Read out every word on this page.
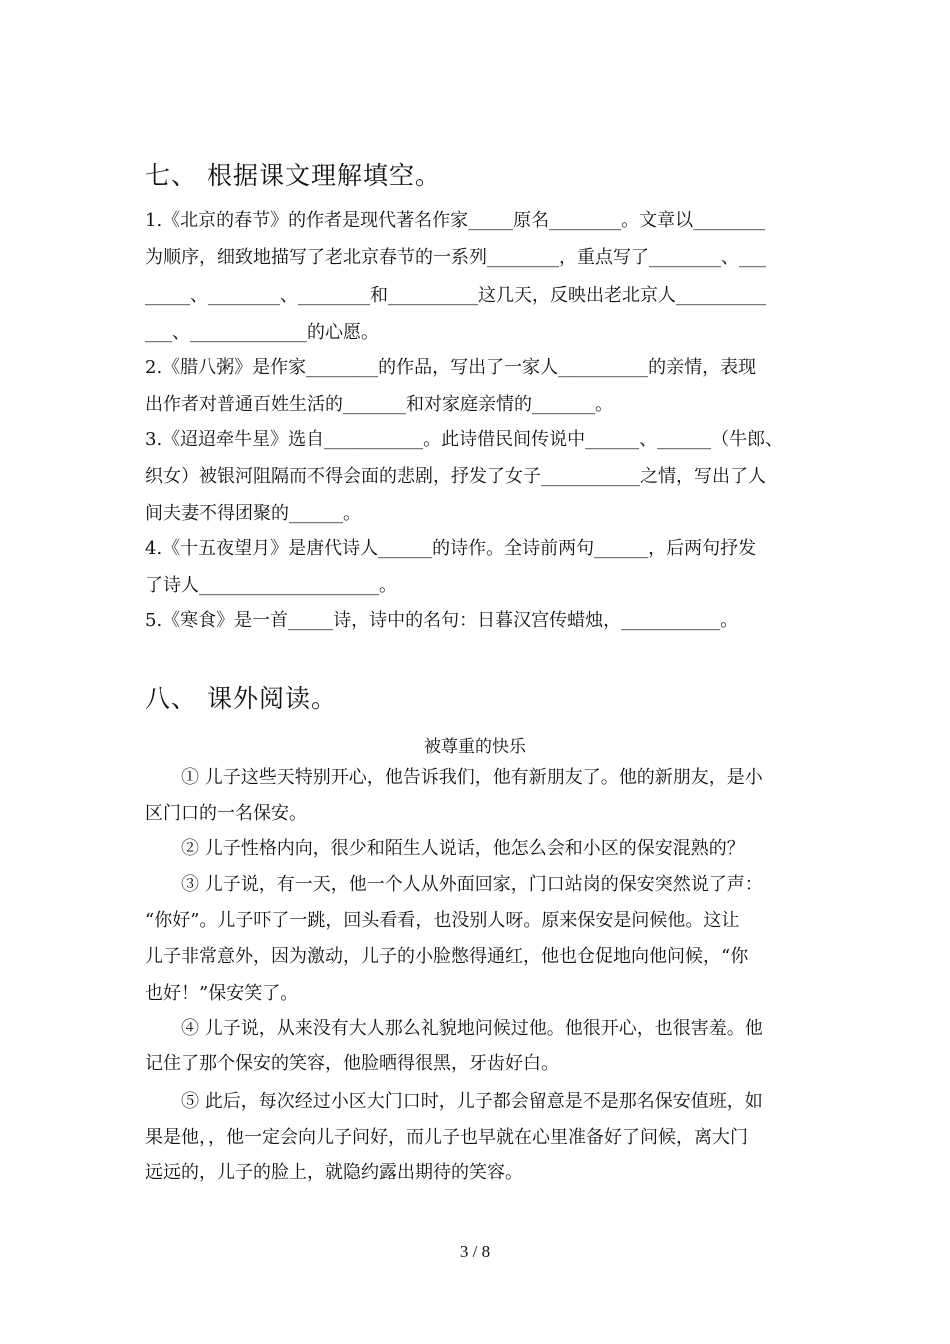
七、 根据课文理解填空。
1.《北京的春节》的作者是现代著名作家_____原名________。文章以________
为顺序，细致地描写了老北京春节的一系列________，重点写了________、___
_____、________、________和__________这几天，反映出老北京人__________
___、_____________的心愿。
2.《腊八粥》是作家________的作品，写出了一家人__________的亲情，表现
出作者对普通百姓生活的_______和对家庭亲情的_______。
3.《迢迢牵牛星》选自___________。此诗借民间传说中______、______（牛郎、
织女）被银河阻隔而不得会面的悲剧，抒发了女子___________之情，写出了人
间夫妻不得团聚的______。
4.《十五夜望月》是唐代诗人______的诗作。全诗前两句______，后两句抒发
了诗人____________________。
5.《寒食》是一首_____诗，诗中的名句：日暮汉宫传蜡烛，___________。
八、 课外阅读。
被尊重的快乐
　　① 儿子这些天特别开心，他告诉我们，他有新朋友了。他的新朋友，是小
区门口的一名保安。
　　② 儿子性格内向，很少和陌生人说话，他怎么会和小区的保安混熟的？
　　③ 儿子说，有一天，他一个人从外面回家，门口站岗的保安突然说了声：
“你好”。儿子吓了一跳，回头看看，也没别人呀。原来保安是问候他。这让
儿子非常意外，因为激动，儿子的小脸憋得通红，他也仓促地向他问候，“你
也好！”保安笑了。
　　④ 儿子说，从来没有大人那么礼貌地问候过他。他很开心，也很害羞。他
记住了那个保安的笑容，他脸晒得很黑，牙齿好白。
　　⑤ 此后，每次经过小区大门口时，儿子都会留意是不是那名保安值班，如
果是他，，他一定会向儿子问好，而儿子也早就在心里准备好了问候，离大门
远远的，儿子的脸上，就隐约露出期待的笑容。
3 / 8
